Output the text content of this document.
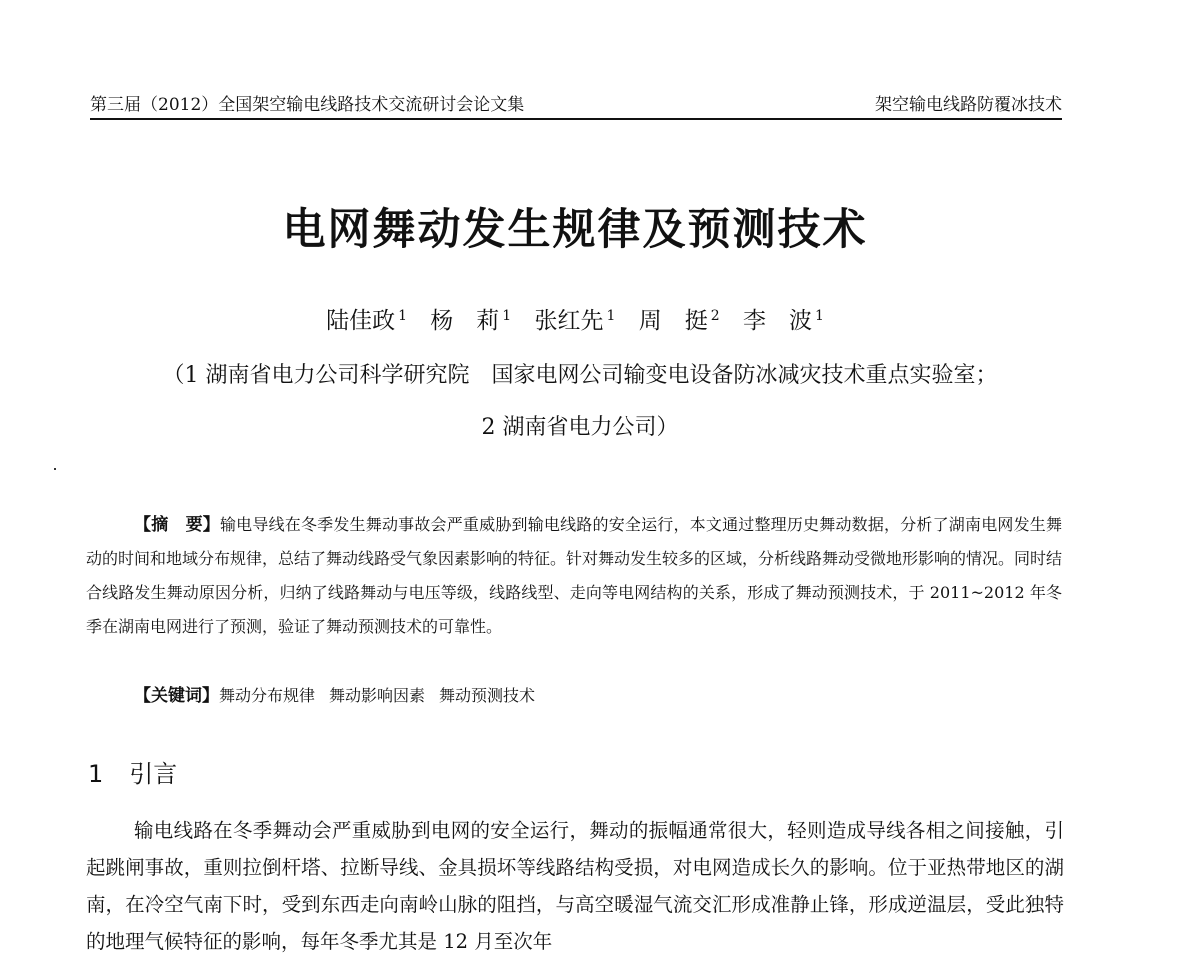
第三届（2012）全国架空输电线路技术交流研讨会论文集	架空输电线路防覆冰技术
电网舞动发生规律及预测技术
陆佳政 $^1$ 杨　莉 $^1$ 张红先 $^1$ 周　挺 $^2$ 李　波 $^1$
（1 湖南省电力公司科学研究院　国家电网公司输变电设备防冰减灾技术重点实验室；
2 湖南省电力公司）

【摘　要】输电导线在冬季发生舞动事故会严重威胁到输电线路的安全运行，本文通过整理历史舞动数据，分析了湖南电网发生舞动的时间和地域分布规律，总结了舞动线路受气象因素影响的特征。针对舞动发生较多的区域，分析线路舞动受微地形影响的情况。同时结合线路发生舞动原因分析，归纳了线路舞动与电压等级，线路线型、走向等电网结构的关系，形成了舞动预测技术，于 2011~2012 年冬季在湖南电网进行了预测，验证了舞动预测技术的可靠性。

【关键词】舞动分布规律 舞动影响因素 舞动预测技术
1 引言

输电线路在冬季舞动会严重威胁到电网的安全运行，舞动的振幅通常很大，轻则造成导线各相之间接触，引起跳闸事故，重则拉倒杆塔、拉断导线、金具损坏等线路结构受损，对电网造成长久的影响。位于亚热带地区的湖南，在冷空气南下时，受到东西走向南岭山脉的阻挡，与高空暖湿气流交汇形成准静止锋，形成逆温层，受此独特的地理气候特征的影响，每年冬季尤其是 12 月至次年
